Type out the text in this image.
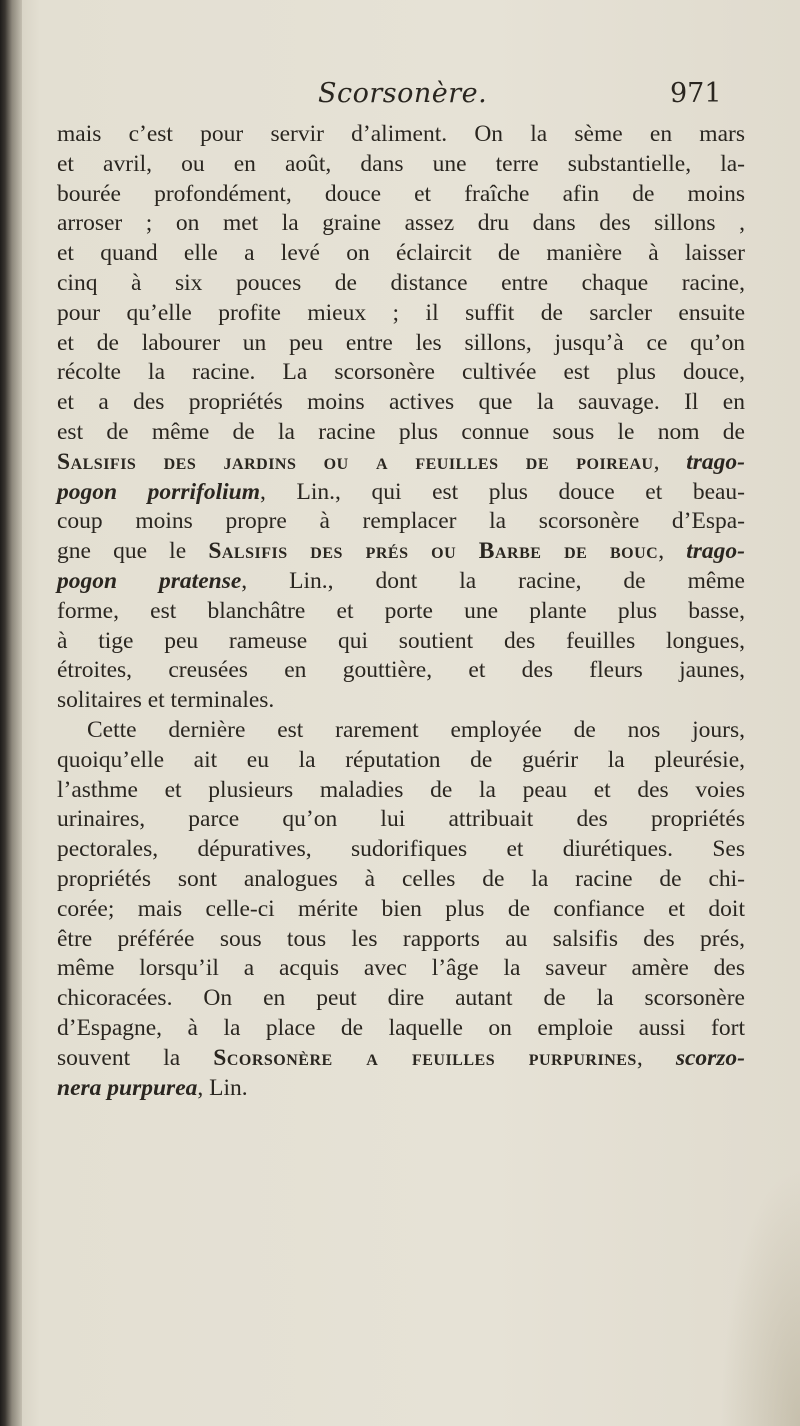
Scorsonère.	971
mais c’est pour servir d’aliment. On la sème en mars
et avril, ou en août, dans une terre substantielle, la-
bourée profondément, douce et fraîche afin de moins
arroser ; on met la graine assez dru dans des sillons ,
et quand elle a levé on éclaircit de manière à laisser
cinq à six pouces de distance entre chaque racine,
pour qu’elle profite mieux ; il suffit de sarcler ensuite
et de labourer un peu entre les sillons, jusqu’à ce qu’on
récolte la racine. La scorsonère cultivée est plus douce,
et a des propriétés moins actives que la sauvage. Il en
est de même de la racine plus connue sous le nom de
Salsifis des jardins ou a feuilles de poireau, trago-
pogon porrifolium, Lin., qui est plus douce et beau-
coup moins propre à remplacer la scorsonère d’Espa-
gne que le Salsifis des prés ou Barbe de bouc, trago-
pogon pratense, Lin., dont la racine, de même
forme, est blanchâtre et porte une plante plus basse,
à tige peu rameuse qui soutient des feuilles longues,
étroites, creusées en gouttière, et des fleurs jaunes,
solitaires et terminales.
Cette dernière est rarement employée de nos jours,
quoiqu’elle ait eu la réputation de guérir la pleurésie,
l’asthme et plusieurs maladies de la peau et des voies
urinaires, parce qu’on lui attribuait des propriétés
pectorales, dépuratives, sudorifiques et diurétiques. Ses
propriétés sont analogues à celles de la racine de chi-
corée; mais celle-ci mérite bien plus de confiance et doit
être préférée sous tous les rapports au salsifis des prés,
même lorsqu’il a acquis avec l’âge la saveur amère des
chicoracées. On en peut dire autant de la scorsonère
d’Espagne, à la place de laquelle on emploie aussi fort
souvent la Scorsonère a feuilles purpurines, scorzo-
nera purpurea, Lin.
